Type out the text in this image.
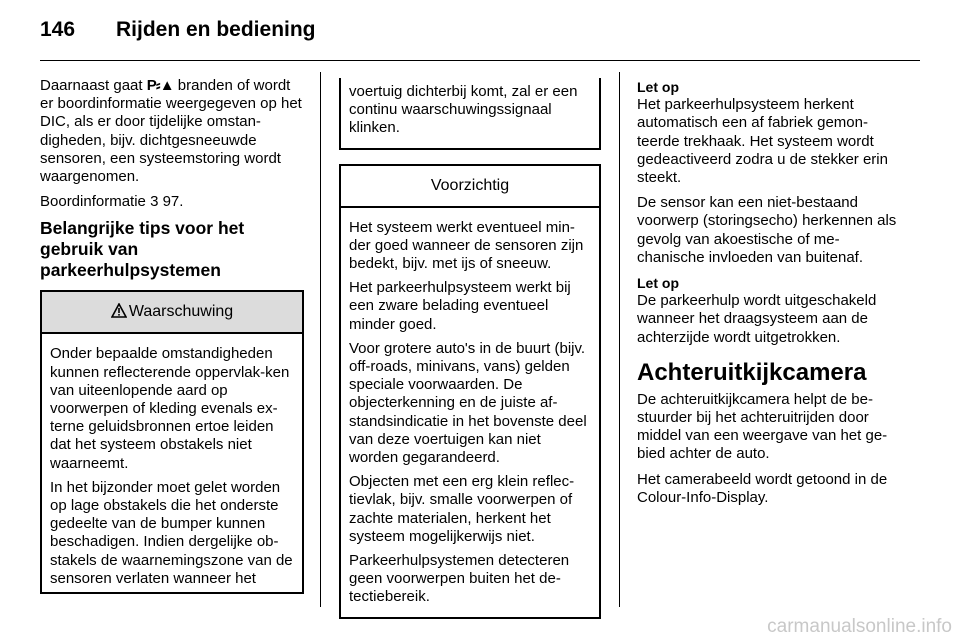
146 Rijden en bediening

Daarnaast gaat P⸗▲ branden of wordt er boordinformatie weergegeven op het DIC, als er door tijdelijke omstan-digheden, bijv. dichtgesneeuwde sensoren, een systeemstoring wordt waargenomen.

Boordinformatie 3 97.

Belangrijke tips voor het gebruik van parkeerhulpsystemen
Waarschuwing

Onder bepaalde omstandigheden kunnen reflecterende oppervlak-ken van uiteenlopende aard op voorwerpen of kleding evenals ex-terne geluidsbronnen ertoe leiden dat het systeem obstakels niet waarneemt.

In het bijzonder moet gelet worden op lage obstakels die het onderste gedeelte van de bumper kunnen beschadigen. Indien dergelijke ob-stakels de waarnemingszone van de sensoren verlaten wanneer het

voertuig dichterbij komt, zal er een continu waarschuwingssignaal klinken.

Voorzichtig

Het systeem werkt eventueel min-der goed wanneer de sensoren zijn bedekt, bijv. met ijs of sneeuw.

Het parkeerhulpsysteem werkt bij een zware belading eventueel minder goed.

Voor grotere auto's in de buurt (bijv. off-roads, minivans, vans) gelden speciale voorwaarden. De objecterkenning en de juiste af-standsindicatie in het bovenste deel van deze voertuigen kan niet worden gegarandeerd.

Objecten met een erg klein reflec-tievlak, bijv. smalle voorwerpen of zachte materialen, herkent het systeem mogelijkerwijs niet.

Parkeerhulpsystemen detecteren geen voorwerpen buiten het de-tectiebereik.

Let op

Het parkeerhulpsysteem herkent automatisch een af fabriek gemon-teerde trekhaak. Het systeem wordt gedeactiveerd zodra u de stekker erin steekt.

De sensor kan een niet-bestaand voorwerp (storingsecho) herkennen als gevolg van akoestische of me-chanische invloeden van buitenaf.

Let op

De parkeerhulp wordt uitgeschakeld wanneer het draagsysteem aan de achterzijde wordt uitgetrokken.

Achteruitkijkcamera

De achteruitkijkcamera helpt de be-stuurder bij het achteruitrijden door middel van een weergave van het ge-bied achter de auto.

Het camerabeeld wordt getoond in de Colour-Info-Display.

carmanualsonline.info
